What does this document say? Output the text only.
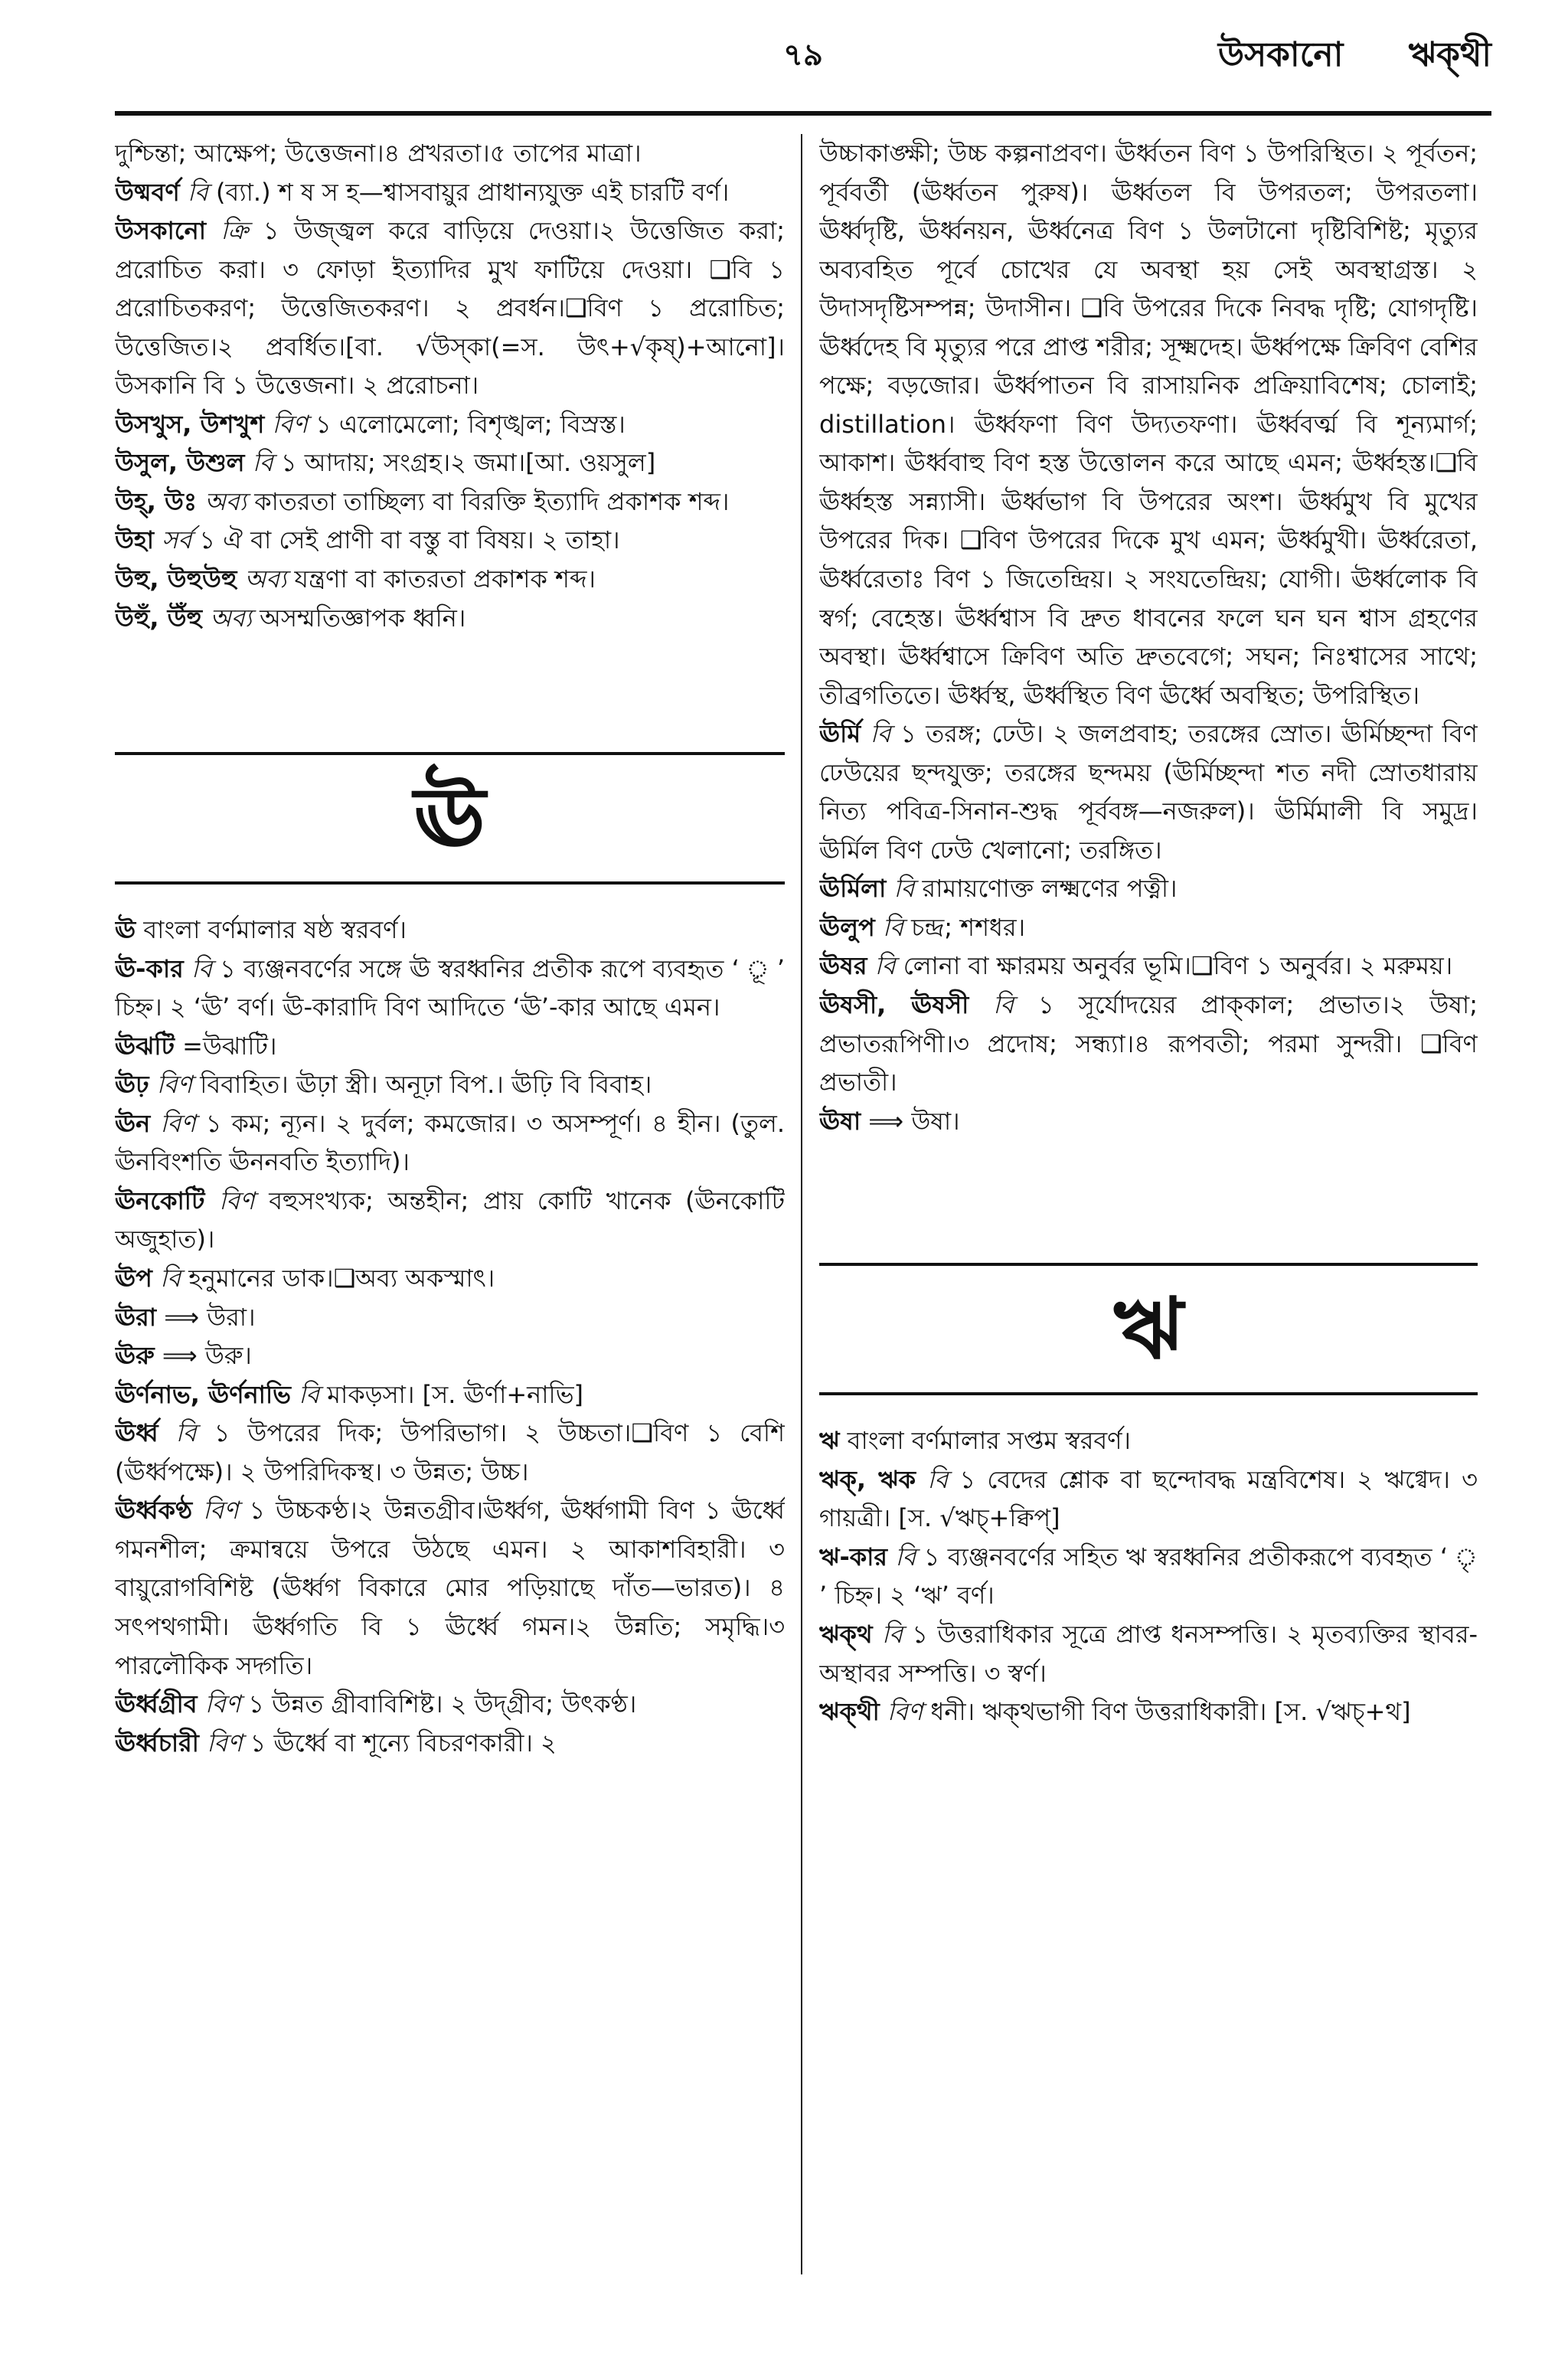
৭৯	উসকানো ঋক্‌থী

দুশ্চিন্তা; আক্ষেপ; উত্তেজনা।৪ প্রখরতা।৫ তাপের মাত্রা।

উষ্মবর্ণ বি (ব্যা.) শ ষ স হ—শ্বাসবায়ুর প্রাধান্যযুক্ত এই চারটি বর্ণ।

উসকানো ক্রি ১ উজ্জ্বল করে বাড়িয়ে দেওয়া।২ উত্তেজিত করা; প্ররোচিত করা। ৩ ফোড়া ইত্যাদির মুখ ফাটিয়ে দেওয়া। ❑বি ১ প্ররোচিতকরণ; উত্তেজিতকরণ। ২ প্রবর্ধন।❑বিণ ১ প্ররোচিত; উত্তেজিত।২ প্রবর্ধিত।[বা. √উস্‌কা(=স. উৎ+√কৃষ্)+আনো]। উসকানি বি ১ উত্তেজনা। ২ প্ররোচনা।

উসখুস, উশখুশ বিণ ১ এলোমেলো; বিশৃঙ্খল; বিস্রস্ত।

উসুল, উশুল বি ১ আদায়; সংগ্রহ।২ জমা।[আ. ওয়সুল]

উহ্‌, উঃ অব্য কাতরতা তাচ্ছিল্য বা বিরক্তি ইত্যাদি প্রকাশক শব্দ।

উহা সর্ব ১ ঐ বা সেই প্রাণী বা বস্তু বা বিষয়। ২ তাহা।

উহু, উহুউহু অব্য যন্ত্রণা বা কাতরতা প্রকাশক শব্দ।

উহুঁ, উঁহু অব্য অসম্মতিজ্ঞাপক ধ্বনি।

ঊ

ঊ বাংলা বর্ণমালার ষষ্ঠ স্বরবর্ণ।

ঊ-কার বি ১ ব্যঞ্জনবর্ণের সঙ্গে ঊ স্বরধ্বনির প্রতীক রূপে ব্যবহৃত ‘ ূ ’ চিহ্ন। ২ ‘ঊ’ বর্ণ। ঊ-কারাদি বিণ আদিতে ‘ঊ’-কার আছে এমন।

ঊঝটি =উঝাটি।

ঊঢ় বিণ বিবাহিত। ঊঢ়া স্ত্রী। অনূঢ়া বিপ.। ঊঢ়ি বি বিবাহ।

ঊন বিণ ১ কম; ন্যূন। ২ দুর্বল; কমজোর। ৩ অসম্পূর্ণ। ৪ হীন। (তুল. ঊনবিংশতি ঊননবতি ইত্যাদি)।

ঊনকোটি বিণ বহুসংখ্যক; অন্তহীন; প্রায় কোটি খানেক (ঊনকোটি অজুহাত)।

ঊপ বি হনুমানের ডাক।❑অব্য অকস্মাৎ।

ঊরা ⟹ উরা।

ঊরু ⟹ উরু।

ঊর্ণনাভ, ঊর্ণনাভি বি মাকড়সা। [স. ঊর্ণা+নাভি]

ঊর্ধ্ব বি ১ উপরের দিক; উপরিভাগ। ২ উচ্চতা।❑বিণ ১ বেশি (ঊর্ধ্বপক্ষে)। ২ উপরিদিকস্থ। ৩ উন্নত; উচ্চ।

ঊর্ধ্বকণ্ঠ বিণ ১ উচ্চকণ্ঠ।২ উন্নতগ্রীব।ঊর্ধ্বগ, ঊর্ধ্বগামী বিণ ১ ঊর্ধ্বে গমনশীল; ক্রমান্বয়ে উপরে উঠছে এমন। ২ আকাশবিহারী। ৩ বায়ুরোগবিশিষ্ট (ঊর্ধ্বগ বিকারে মোর পড়িয়াছে দাঁত—ভারত)। ৪ সৎপথগামী। ঊর্ধ্বগতি বি ১ ঊর্ধ্বে গমন।২ উন্নতি; সমৃদ্ধি।৩ পারলৌকিক সদ্গতি।

ঊর্ধ্বগ্রীব বিণ ১ উন্নত গ্রীবাবিশিষ্ট। ২ উদ্গ্রীব; উৎকণ্ঠ।

ঊর্ধ্বচারী বিণ ১ ঊর্ধ্বে বা শূন্যে বিচরণকারী। ২

উচ্চাকাঙ্ক্ষী; উচ্চ কল্পনাপ্রবণ। ঊর্ধ্বতন বিণ ১ উপরিস্থিত। ২ পূর্বতন; পূর্ববর্তী (ঊর্ধ্বতন পুরুষ)। ঊর্ধ্বতল বি উপরতল; উপরতলা। ঊর্ধ্বদৃষ্টি, ঊর্ধ্বনয়ন, ঊর্ধ্বনেত্র বিণ ১ উলটানো দৃষ্টিবিশিষ্ট; মৃত্যুর অব্যবহিত পূর্বে চোখের যে অবস্থা হয় সেই অবস্থাগ্রস্ত। ২ উদাসদৃষ্টিসম্পন্ন; উদাসীন। ❑বি উপরের দিকে নিবদ্ধ দৃষ্টি; যোগদৃষ্টি। ঊর্ধ্বদেহ বি মৃত্যুর পরে প্রাপ্ত শরীর; সূক্ষ্মদেহ। ঊর্ধ্বপক্ষে ক্রিবিণ বেশির পক্ষে; বড়জোর। ঊর্ধ্বপাতন বি রাসায়নিক প্রক্রিয়াবিশেষ; চোলাই; distillation। ঊর্ধ্বফণা বিণ উদ্যতফণা। ঊর্ধ্ববর্ত্ম বি শূন্যমার্গ; আকাশ। ঊর্ধ্ববাহু বিণ হস্ত উত্তোলন করে আছে এমন; ঊর্ধ্বহস্ত।❑বি ঊর্ধ্বহস্ত সন্ন্যাসী। ঊর্ধ্বভাগ বি উপরের অংশ। ঊর্ধ্বমুখ বি মুখের উপরের দিক। ❑বিণ উপরের দিকে মুখ এমন; ঊর্ধ্বমুখী। ঊর্ধ্বরেতা, ঊর্ধ্বরেতাঃ বিণ ১ জিতেন্দ্রিয়। ২ সংযতেন্দ্রিয়; যোগী। ঊর্ধ্বলোক বি স্বর্গ; বেহেস্ত। ঊর্ধ্বশ্বাস বি দ্রুত ধাবনের ফলে ঘন ঘন শ্বাস গ্রহণের অবস্থা। ঊর্ধ্বশ্বাসে ক্রিবিণ অতি দ্রুতবেগে; সঘন; নিঃশ্বাসের সাথে; তীব্রগতিতে। ঊর্ধ্বস্থ, ঊর্ধ্বস্থিত বিণ ঊর্ধ্বে অবস্থিত; উপরিস্থিত।

ঊর্মি বি ১ তরঙ্গ; ঢেউ। ২ জলপ্রবাহ; তরঙ্গের স্রোত। ঊর্মিচ্ছন্দা বিণ ঢেউয়ের ছন্দযুক্ত; তরঙ্গের ছন্দময় (ঊর্মিচ্ছন্দা শত নদী স্রোতধারায় নিত্য পবিত্র-সিনান-শুদ্ধ পূর্ববঙ্গ—নজরুল)। ঊর্মিমালী বি সমুদ্র। ঊর্মিল বিণ ঢেউ খেলানো; তরঙ্গিত।

ঊর্মিলা বি রামায়ণোক্ত লক্ষ্মণের পত্নী।

ঊলুপ বি চন্দ্র; শশধর।

ঊষর বি লোনা বা ক্ষারময় অনুর্বর ভূমি।❑বিণ ১ অনুর্বর। ২ মরুময়।

ঊষসী, ঊষসী বি ১ সূর্যোদয়ের প্রাক্‌কাল; প্রভাত।২ উষা; প্রভাতরূপিণী।৩ প্রদোষ; সন্ধ্যা।৪ রূপবতী; পরমা সুন্দরী। ❑বিণ প্রভাতী।

ঊষা ⟹ উষা।

ঋ

ঋ বাংলা বর্ণমালার সপ্তম স্বরবর্ণ।

ঋক্‌, ঋক বি ১ বেদের শ্লোক বা ছন্দোবদ্ধ মন্ত্রবিশেষ। ২ ঋগ্বেদ। ৩ গায়ত্রী। [স. √ঋচ্‌+ক্বিপ্‌]

ঋ-কার বি ১ ব্যঞ্জনবর্ণের সহিত ঋ স্বরধ্বনির প্রতীকরূপে ব্যবহৃত ‘ ৃ ’ চিহ্ন। ২ ‘ঋ’ বর্ণ।

ঋক্‌থ বি ১ উত্তরাধিকার সূত্রে প্রাপ্ত ধনসম্পত্তি। ২ মৃতব্যক্তির স্থাবর-অস্থাবর সম্পত্তি। ৩ স্বর্ণ।

ঋক্‌থী বিণ ধনী। ঋক্‌থভাগী বিণ উত্তরাধিকারী। [স. √ঋচ্‌+থ]
